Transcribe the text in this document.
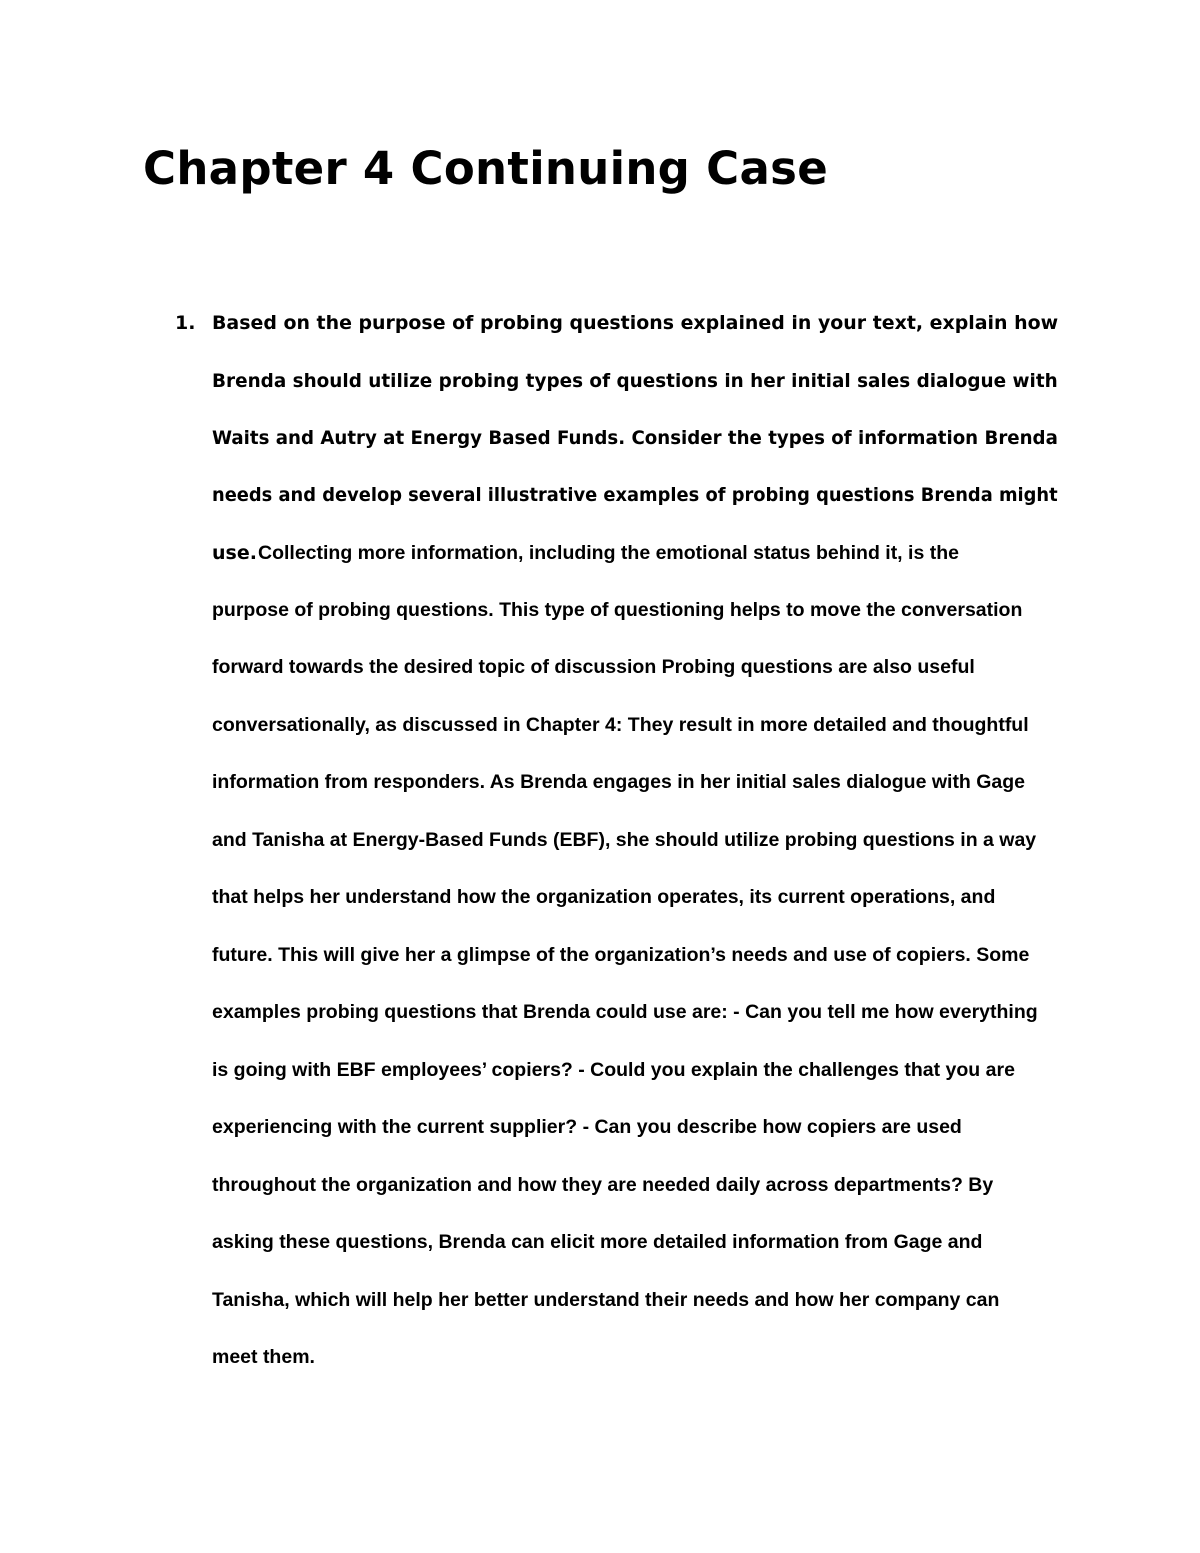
Chapter 4 Continuing Case
1. Based on the purpose of probing questions explained in your text, explain how
Brenda should utilize probing types of questions in her initial sales dialogue with
Waits and Autry at Energy Based Funds. Consider the types of information Brenda
needs and develop several illustrative examples of probing questions Brenda might
use. Collecting more information, including the emotional status behind it, is the
purpose of probing questions. This type of questioning helps to move the conversation
forward towards the desired topic of discussion Probing questions are also useful
conversationally, as discussed in Chapter 4: They result in more detailed and thoughtful
information from responders. As Brenda engages in her initial sales dialogue with Gage
and Tanisha at Energy-Based Funds (EBF), she should utilize probing questions in a way
that helps her understand how the organization operates, its current operations, and
future. This will give her a glimpse of the organization’s needs and use of copiers. Some
examples probing questions that Brenda could use are: - Can you tell me how everything
is going with EBF employees’ copiers? - Could you explain the challenges that you are
experiencing with the current supplier? - Can you describe how copiers are used
throughout the organization and how they are needed daily across departments? By
asking these questions, Brenda can elicit more detailed information from Gage and
Tanisha, which will help her better understand their needs and how her company can
meet them.
